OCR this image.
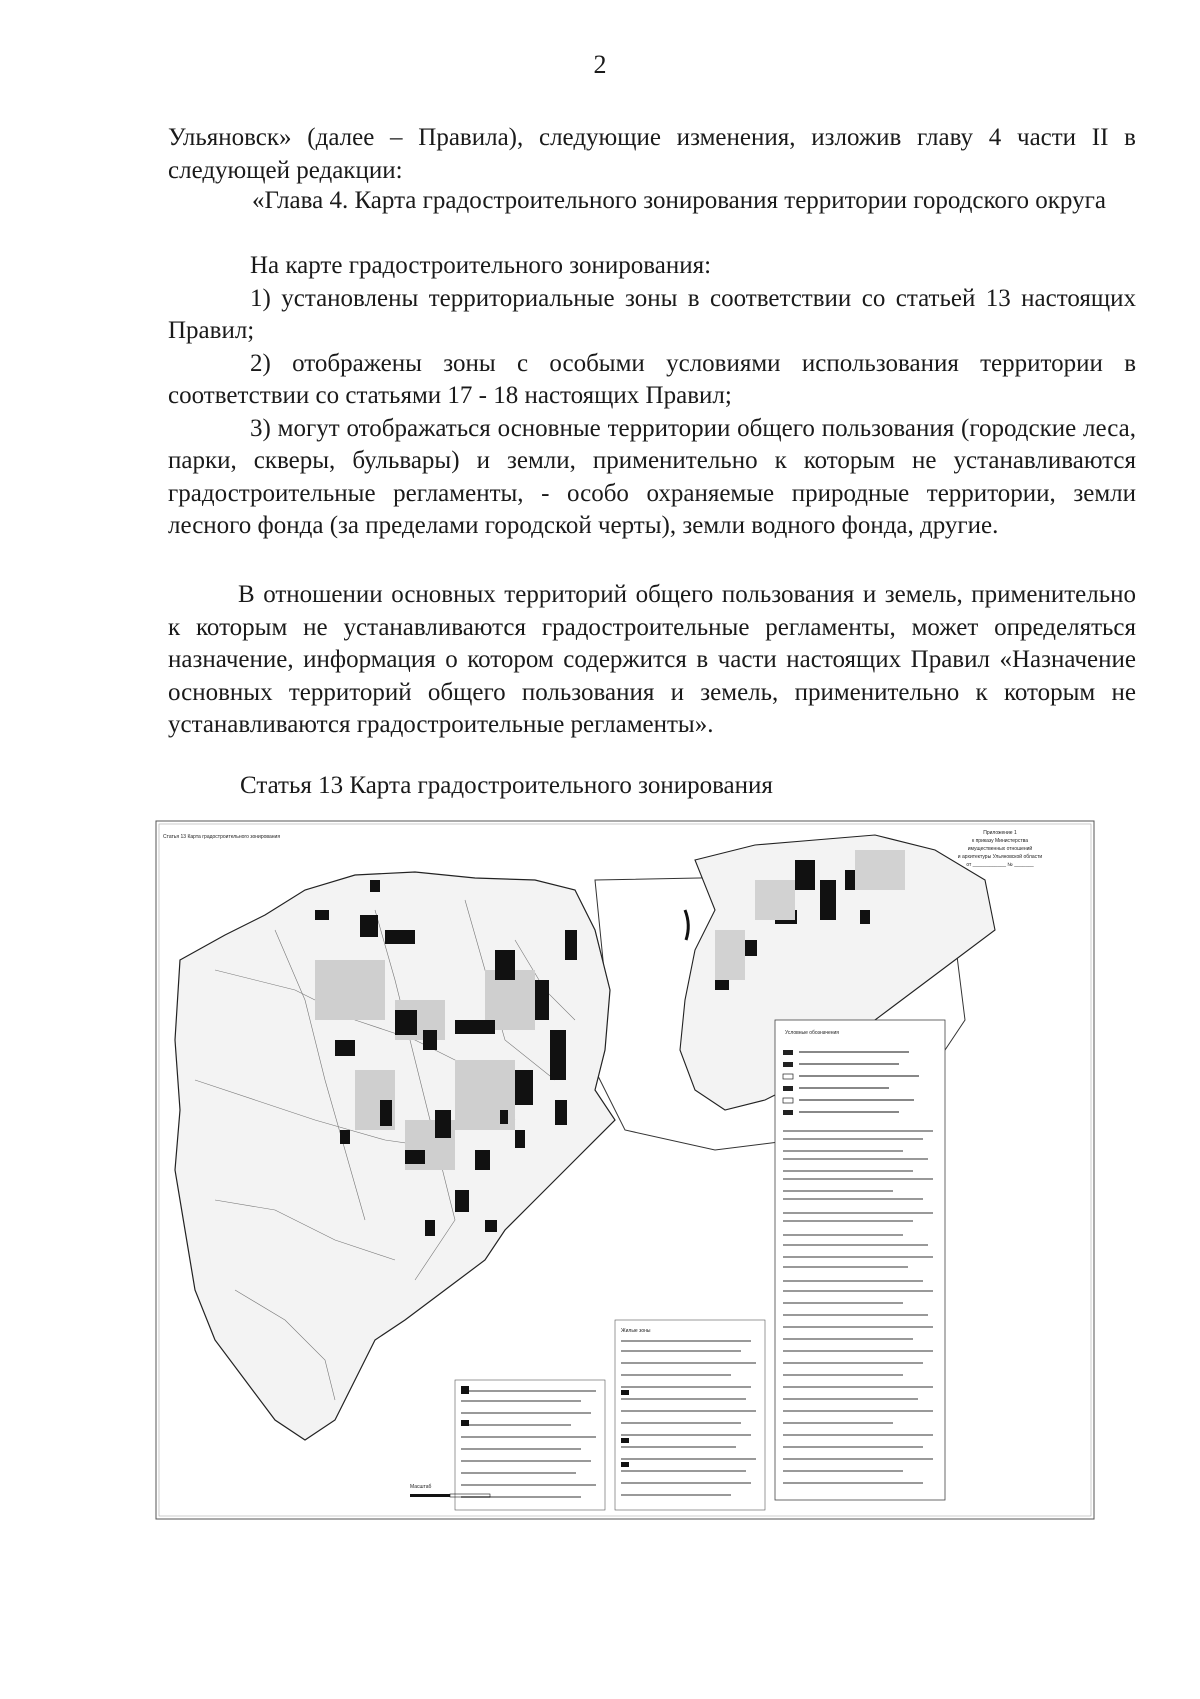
2

Ульяновск» (далее – Правила), следующие изменения, изложив главу 4 части II в следующей редакции:

«Глава 4. Карта градостроительного зонирования территории городского округа

На карте градостроительного зонирования:

1) установлены территориальные зоны в соответствии со статьей 13 настоящих Правил;

2) отображены зоны с особыми условиями использования территории в соответствии со статьями 17 - 18 настоящих Правил;

3) могут отображаться основные территории общего пользования (городские леса, парки, скверы, бульвары) и земли, применительно к которым не устанавливаются градостроительные регламенты, - особо охраняемые природные территории, земли лесного фонда (за пределами городской черты), земли водного фонда, другие.

В отношении основных территорий общего пользования и земель, применительно к которым не устанавливаются градостроительные регламенты, может определяться назначение, информация о котором содержится в части настоящих Правил «Назначение основных территорий общего пользования и земель, применительно к которым не устанавливаются градостроительные регламенты».

Статья 13 Карта градостроительного зонирования

Статья 13 Карта градостроительного зонирования
Приложение 1
к приказу Министерства
имущественных отношений
и архитектуры Ульяновской области
от ____________ № _______
Условные обозначения
Жилые зоны
Масштаб
